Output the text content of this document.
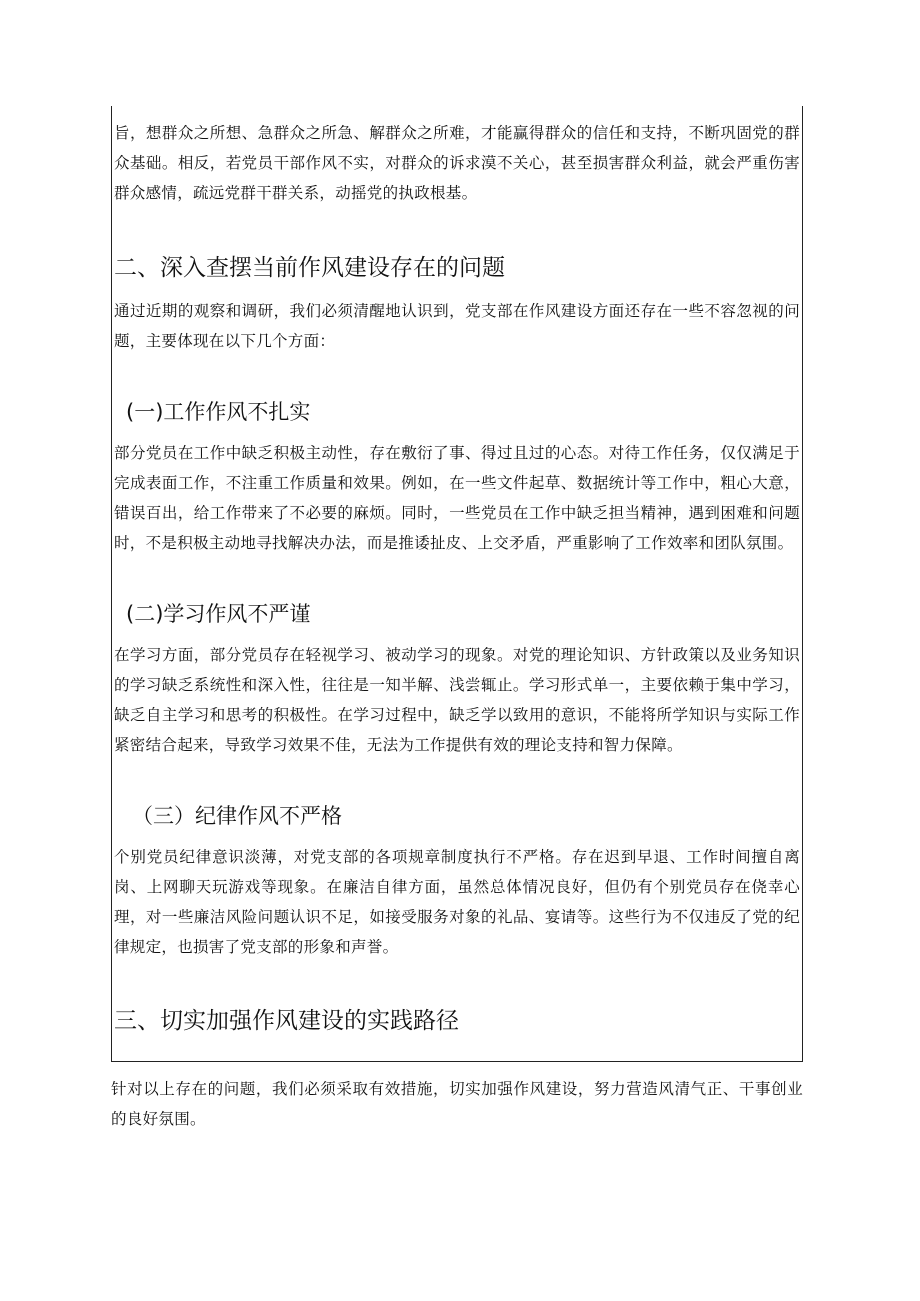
旨，想群众之所想、急群众之所急、解群众之所难，才能赢得群众的信任和支持，不断巩固党的群众基础。相反，若党员干部作风不实，对群众的诉求漠不关心，甚至损害群众利益，就会严重伤害群众感情，疏远党群干群关系，动摇党的执政根基。

二、深入查摆当前作风建设存在的问题

通过近期的观察和调研，我们必须清醒地认识到，党支部在作风建设方面还存在一些不容忽视的问题，主要体现在以下几个方面：

(一)工作作风不扎实

部分党员在工作中缺乏积极主动性，存在敷衍了事、得过且过的心态。对待工作任务，仅仅满足于完成表面工作，不注重工作质量和效果。例如，在一些文件起草、数据统计等工作中，粗心大意，错误百出，给工作带来了不必要的麻烦。同时，一些党员在工作中缺乏担当精神，遇到困难和问题时，不是积极主动地寻找解决办法，而是推诿扯皮、上交矛盾，严重影响了工作效率和团队氛围。

(二)学习作风不严谨

在学习方面，部分党员存在轻视学习、被动学习的现象。对党的理论知识、方针政策以及业务知识的学习缺乏系统性和深入性，往往是一知半解、浅尝辄止。学习形式单一，主要依赖于集中学习，缺乏自主学习和思考的积极性。在学习过程中，缺乏学以致用的意识，不能将所学知识与实际工作紧密结合起来，导致学习效果不佳，无法为工作提供有效的理论支持和智力保障。

（三）纪律作风不严格

个别党员纪律意识淡薄，对党支部的各项规章制度执行不严格。存在迟到早退、工作时间擅自离岗、上网聊天玩游戏等现象。在廉洁自律方面，虽然总体情况良好，但仍有个别党员存在侥幸心理，对一些廉洁风险问题认识不足，如接受服务对象的礼品、宴请等。这些行为不仅违反了党的纪律规定，也损害了党支部的形象和声誉。

三、切实加强作风建设的实践路径

针对以上存在的问题，我们必须采取有效措施，切实加强作风建设，努力营造风清气正、干事创业的良好氛围。
